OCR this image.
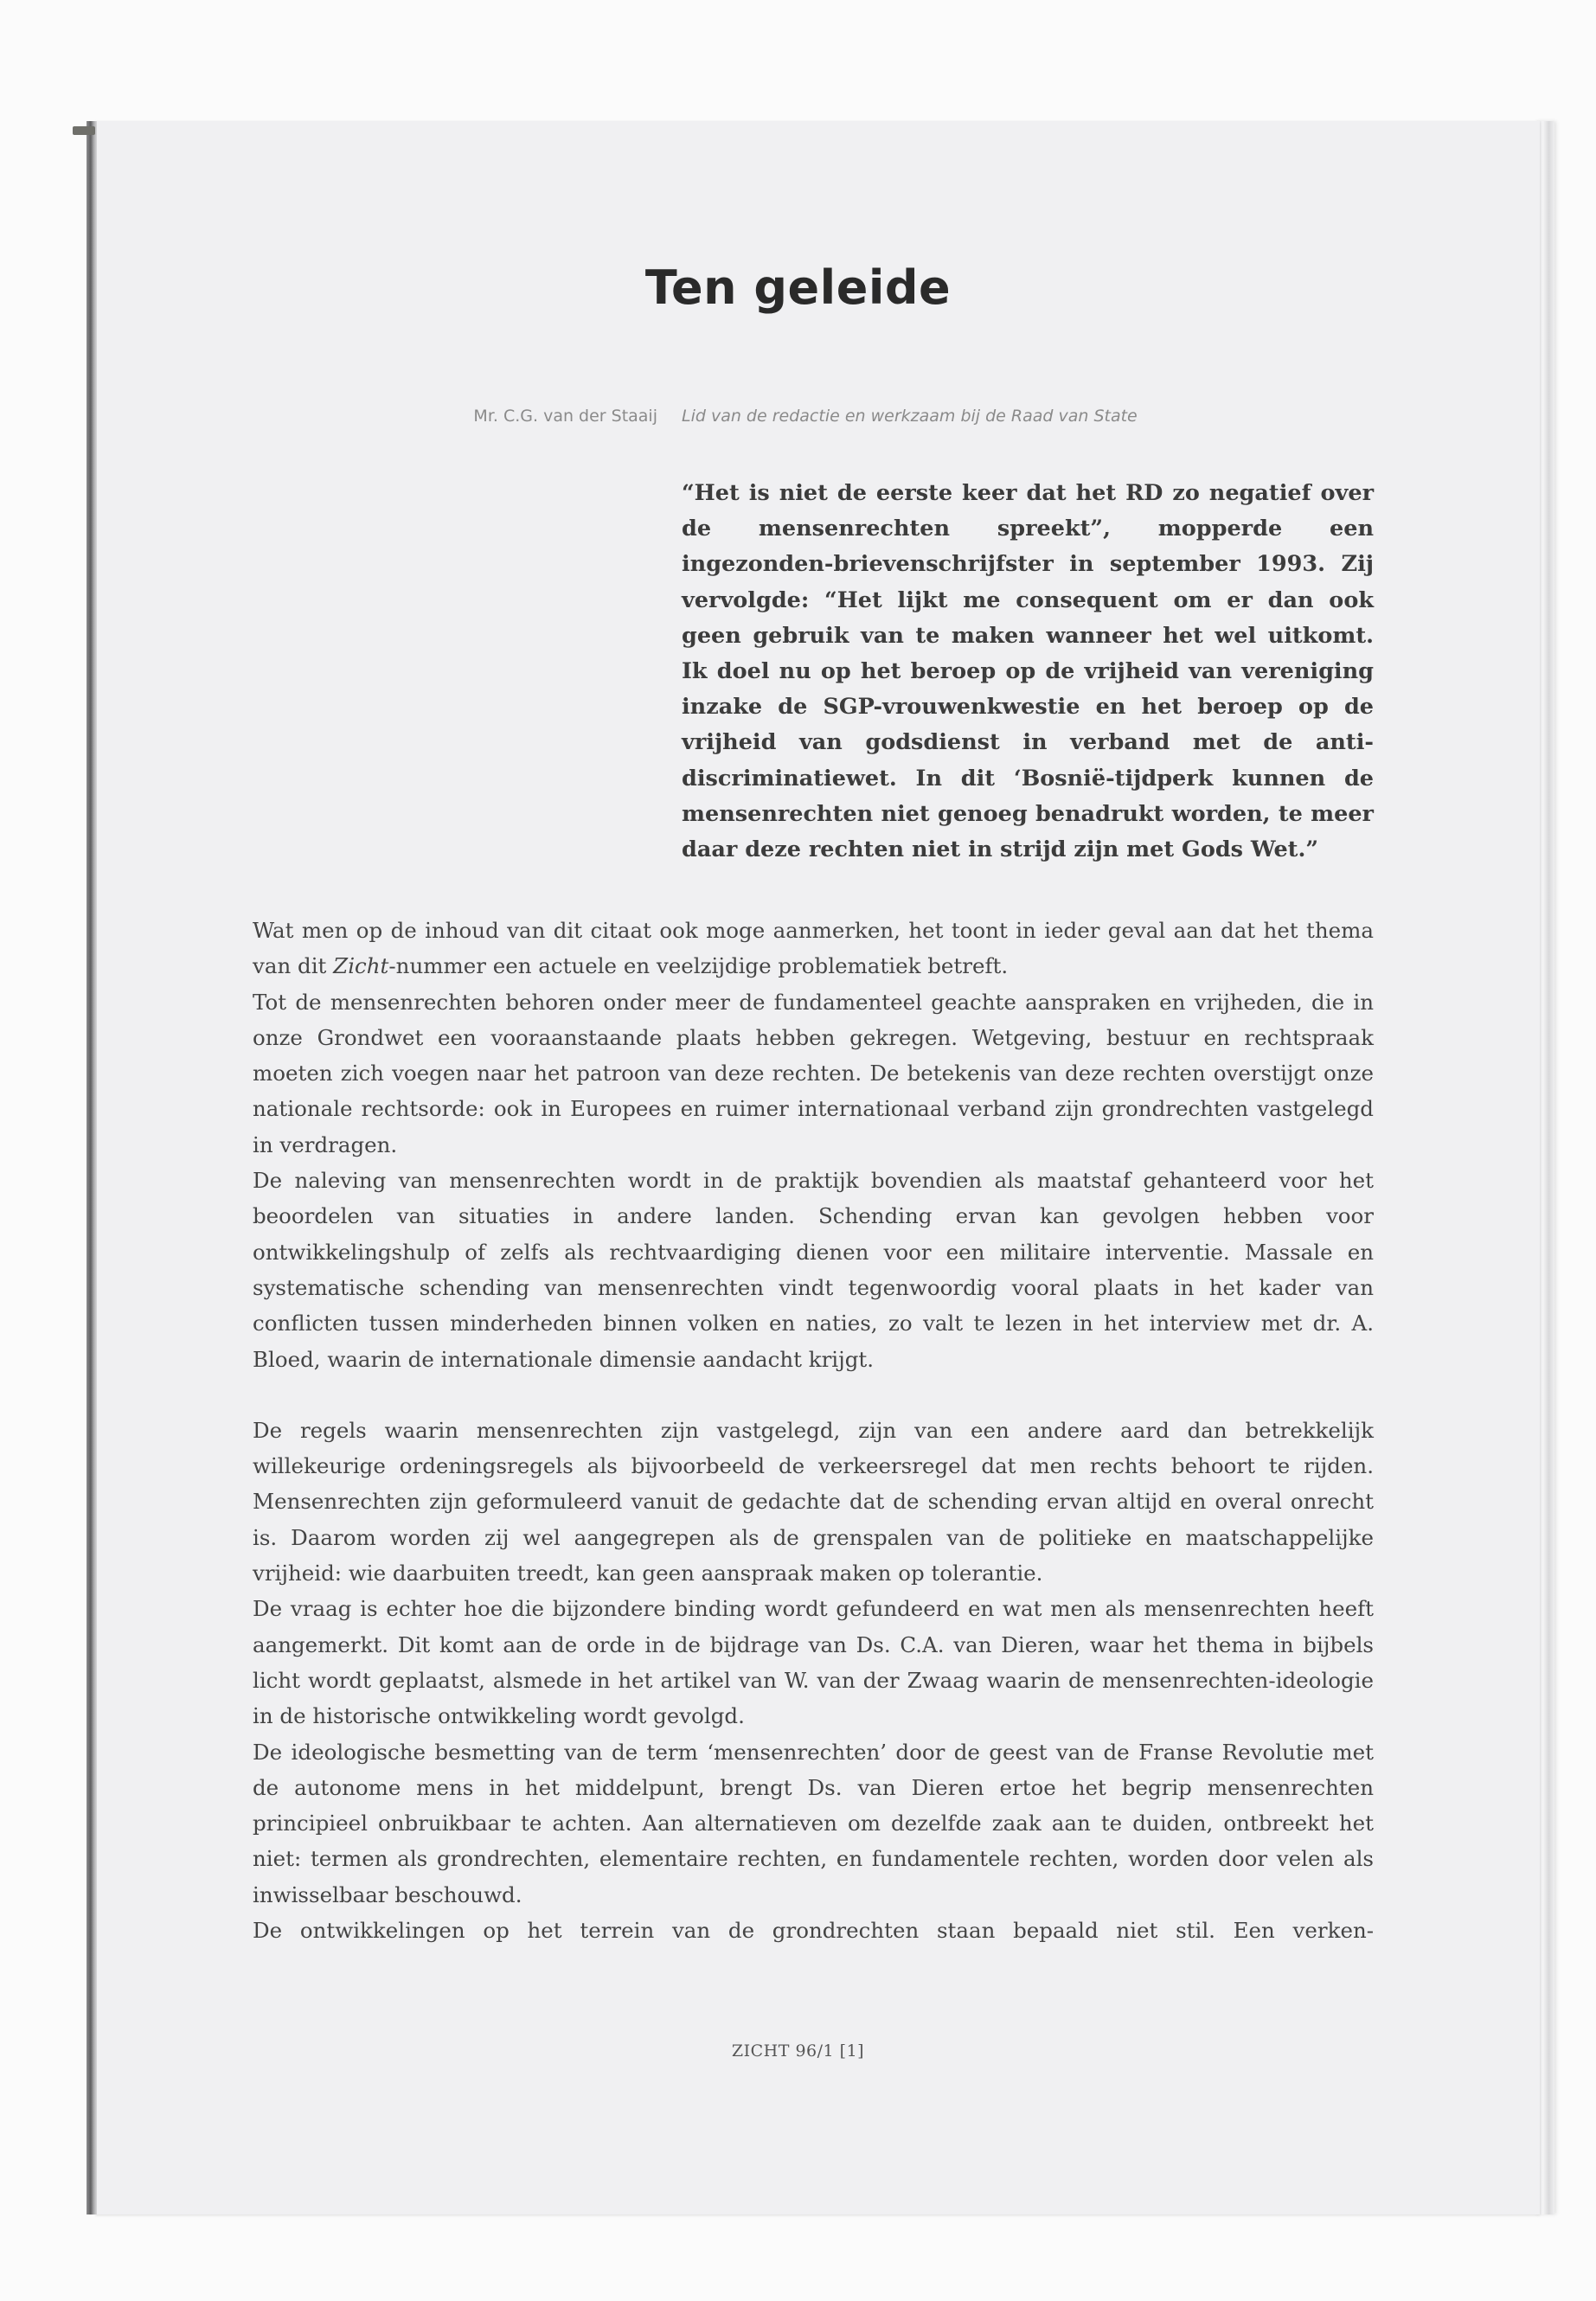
Ten geleide
Mr. C.G. van der Staaij Lid van de redactie en werkzaam bij de Raad van State
“Het is niet de eerste keer dat het RD zo negatief over de mensenrechten spreekt”, mopperde een ingezonden-brievenschrijfster in september 1993. Zij vervolgde: “Het lijkt me consequent om er dan ook geen gebruik van te maken wanneer het wel uitkomt. Ik doel nu op het beroep op de vrijheid van vereniging inzake de SGP-vrouwenkwestie en het beroep op de vrijheid van godsdienst in verband met de anti-discriminatiewet. In dit ‘Bosnië-tijdperk kunnen de mensenrechten niet genoeg benadrukt worden, te meer daar deze rechten niet in strijd zijn met Gods Wet.”

Wat men op de inhoud van dit citaat ook moge aanmerken, het toont in ieder geval aan dat het thema van dit Zicht-nummer een actuele en veelzijdige problematiek betreft.

Tot de mensenrechten behoren onder meer de fundamenteel geachte aanspraken en vrijheden, die in onze Grondwet een vooraanstaande plaats hebben gekregen. Wetgeving, bestuur en rechtspraak moeten zich voegen naar het patroon van deze rechten. De betekenis van deze rechten overstijgt onze nationale rechtsorde: ook in Europees en ruimer internationaal verband zijn grondrechten vastgelegd in verdragen.

De naleving van mensenrechten wordt in de praktijk bovendien als maatstaf gehanteerd voor het beoordelen van situaties in andere landen. Schending ervan kan gevolgen hebben voor ontwikkelingshulp of zelfs als rechtvaardiging dienen voor een militaire interventie. Massale en systematische schending van mensenrechten vindt tegenwoordig vooral plaats in het kader van conflicten tussen minderheden binnen volken en naties, zo valt te lezen in het interview met dr. A. Bloed, waarin de internationale dimensie aandacht krijgt.

De regels waarin mensenrechten zijn vastgelegd, zijn van een andere aard dan betrekkelijk willekeurige ordeningsregels als bijvoorbeeld de verkeersregel dat men rechts behoort te rijden. Mensenrechten zijn geformuleerd vanuit de gedachte dat de schending ervan altijd en overal onrecht is. Daarom worden zij wel aangegrepen als de grenspalen van de politieke en maatschappelijke vrijheid: wie daarbuiten treedt, kan geen aanspraak maken op tolerantie.

De vraag is echter hoe die bijzondere binding wordt gefundeerd en wat men als mensenrechten heeft aangemerkt. Dit komt aan de orde in de bijdrage van Ds. C.A. van Dieren, waar het thema in bijbels licht wordt geplaatst, alsmede in het artikel van W. van der Zwaag waarin de mensenrechten-ideologie in de historische ontwikkeling wordt gevolgd.

De ideologische besmetting van de term ‘mensenrechten’ door de geest van de Franse Revolutie met de autonome mens in het middelpunt, brengt Ds. van Dieren ertoe het begrip mensenrechten principieel onbruikbaar te achten. Aan alternatieven om dezelfde zaak aan te duiden, ontbreekt het niet: termen als grondrechten, elementaire rechten, en fundamentele rechten, worden door velen als inwisselbaar beschouwd.

De ontwikkelingen op het terrein van de grondrechten staan bepaald niet stil. Een verken-

ZICHT 96/1 [1]
